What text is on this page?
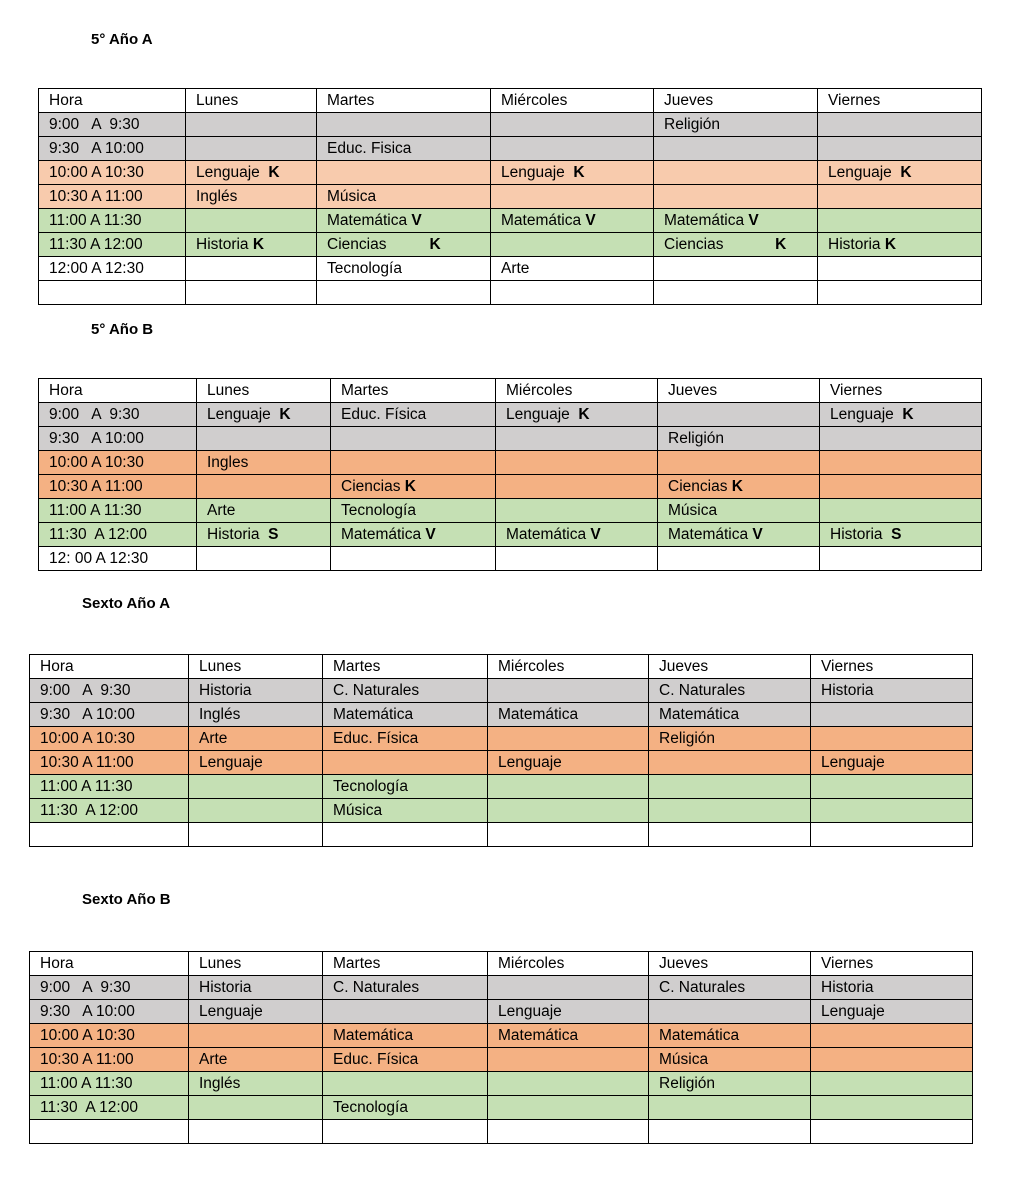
5° Año A
Hora	Lunes	Martes	Miércoles	Jueves	Viernes
9:00   A  9:30				Religión	
9:30   A 10:00		Educ. Fisica			
10:00 A 10:30	Lenguaje  K		Lenguaje  K		Lenguaje  K
10:30 A 11:00	Inglés	Música			
11:00 A 11:30		Matemática V	Matemática V	Matemática V	
11:30 A 12:00	Historia K	Ciencias          K		Ciencias            K	Historia K
12:00 A 12:30		Tecnología	Arte		

5° Año B
Hora	Lunes	Martes	Miércoles	Jueves	Viernes
9:00   A  9:30	Lenguaje  K	Educ. Física	Lenguaje  K		Lenguaje  K
9:30   A 10:00				Religión	
10:00 A 10:30	Ingles				
10:30 A 11:00		Ciencias K		Ciencias K	
11:00 A 11:30	Arte	Tecnología		Música	
11:30  A 12:00	Historia  S	Matemática V	Matemática V	Matemática V	Historia  S
12: 00 A 12:30					
Sexto Año A
Hora	Lunes	Martes	Miércoles	Jueves	Viernes
9:00   A  9:30	Historia	C. Naturales		C. Naturales	Historia
9:30   A 10:00	Inglés	Matemática	Matemática	Matemática	
10:00 A 10:30	Arte	Educ. Física		Religión	
10:30 A 11:00	Lenguaje		Lenguaje		Lenguaje
11:00 A 11:30		Tecnología			
11:30  A 12:00		Música			

Sexto Año B
Hora	Lunes	Martes	Miércoles	Jueves	Viernes
9:00   A  9:30	Historia	C. Naturales		C. Naturales	Historia
9:30   A 10:00	Lenguaje		Lenguaje		Lenguaje
10:00 A 10:30		Matemática	Matemática	Matemática	
10:30 A 11:00	Arte	Educ. Física		Música	
11:00 A 11:30	Inglés			Religión	
11:30  A 12:00		Tecnología			
